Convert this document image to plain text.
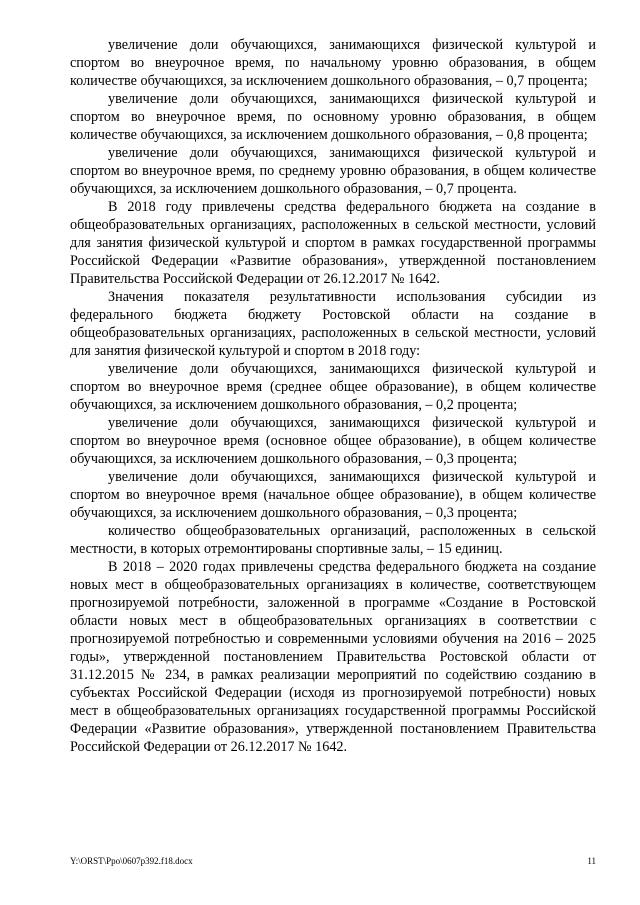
увеличение доли обучающихся, занимающихся физической культурой и спортом во внеурочное время, по начальному уровню образования, в общем количестве обучающихся, за исключением дошкольного образования, – 0,7 процента;

увеличение доли обучающихся, занимающихся физической культурой и спортом во внеурочное время, по основному уровню образования, в общем количестве обучающихся, за исключением дошкольного образования, – 0,8 процента;

увеличение доли обучающихся, занимающихся физической культурой и спортом во внеурочное время, по среднему уровню образования, в общем количестве обучающихся, за исключением дошкольного образования, – 0,7 процента.

В 2018 году привлечены средства федерального бюджета на создание в общеобразовательных организациях, расположенных в сельской местности, условий для занятия физической культурой и спортом в рамках государственной программы Российской Федерации «Развитие образования», утвержденной постановлением Правительства Российской Федерации от 26.12.2017 № 1642.

Значения показателя результативности использования субсидии из федерального бюджета бюджету Ростовской области на создание в общеобразовательных организациях, расположенных в сельской местности, условий для занятия физической культурой и спортом в 2018 году:

увеличение доли обучающихся, занимающихся физической культурой и спортом во внеурочное время (среднее общее образование), в общем количестве обучающихся, за исключением дошкольного образования, – 0,2 процента;

увеличение доли обучающихся, занимающихся физической культурой и спортом во внеурочное время (основное общее образование), в общем количестве обучающихся, за исключением дошкольного образования, – 0,3 процента;

увеличение доли обучающихся, занимающихся физической культурой и спортом во внеурочное время (начальное общее образование), в общем количестве обучающихся, за исключением дошкольного образования, – 0,3 процента;

количество общеобразовательных организаций, расположенных в сельской местности, в которых отремонтированы спортивные залы, – 15 единиц.

В 2018 – 2020 годах привлечены средства федерального бюджета на создание новых мест в общеобразовательных организациях в количестве, соответствующем прогнозируемой потребности, заложенной в программе «Создание в Ростовской области новых мест в общеобразовательных организациях в соответствии с прогнозируемой потребностью и современными условиями обучения на 2016 – 2025 годы», утвержденной постановлением Правительства Ростовской области от 31.12.2015 № 234, в рамках реализации мероприятий по содействию созданию в субъектах Российской Федерации (исходя из прогнозируемой потребности) новых мест в общеобразовательных организациях государственной программы Российской Федерации «Развитие образования», утвержденной постановлением Правительства Российской Федерации от 26.12.2017 № 1642.

Y:\ORST\Ppo\0607p392.f18.docx	11
